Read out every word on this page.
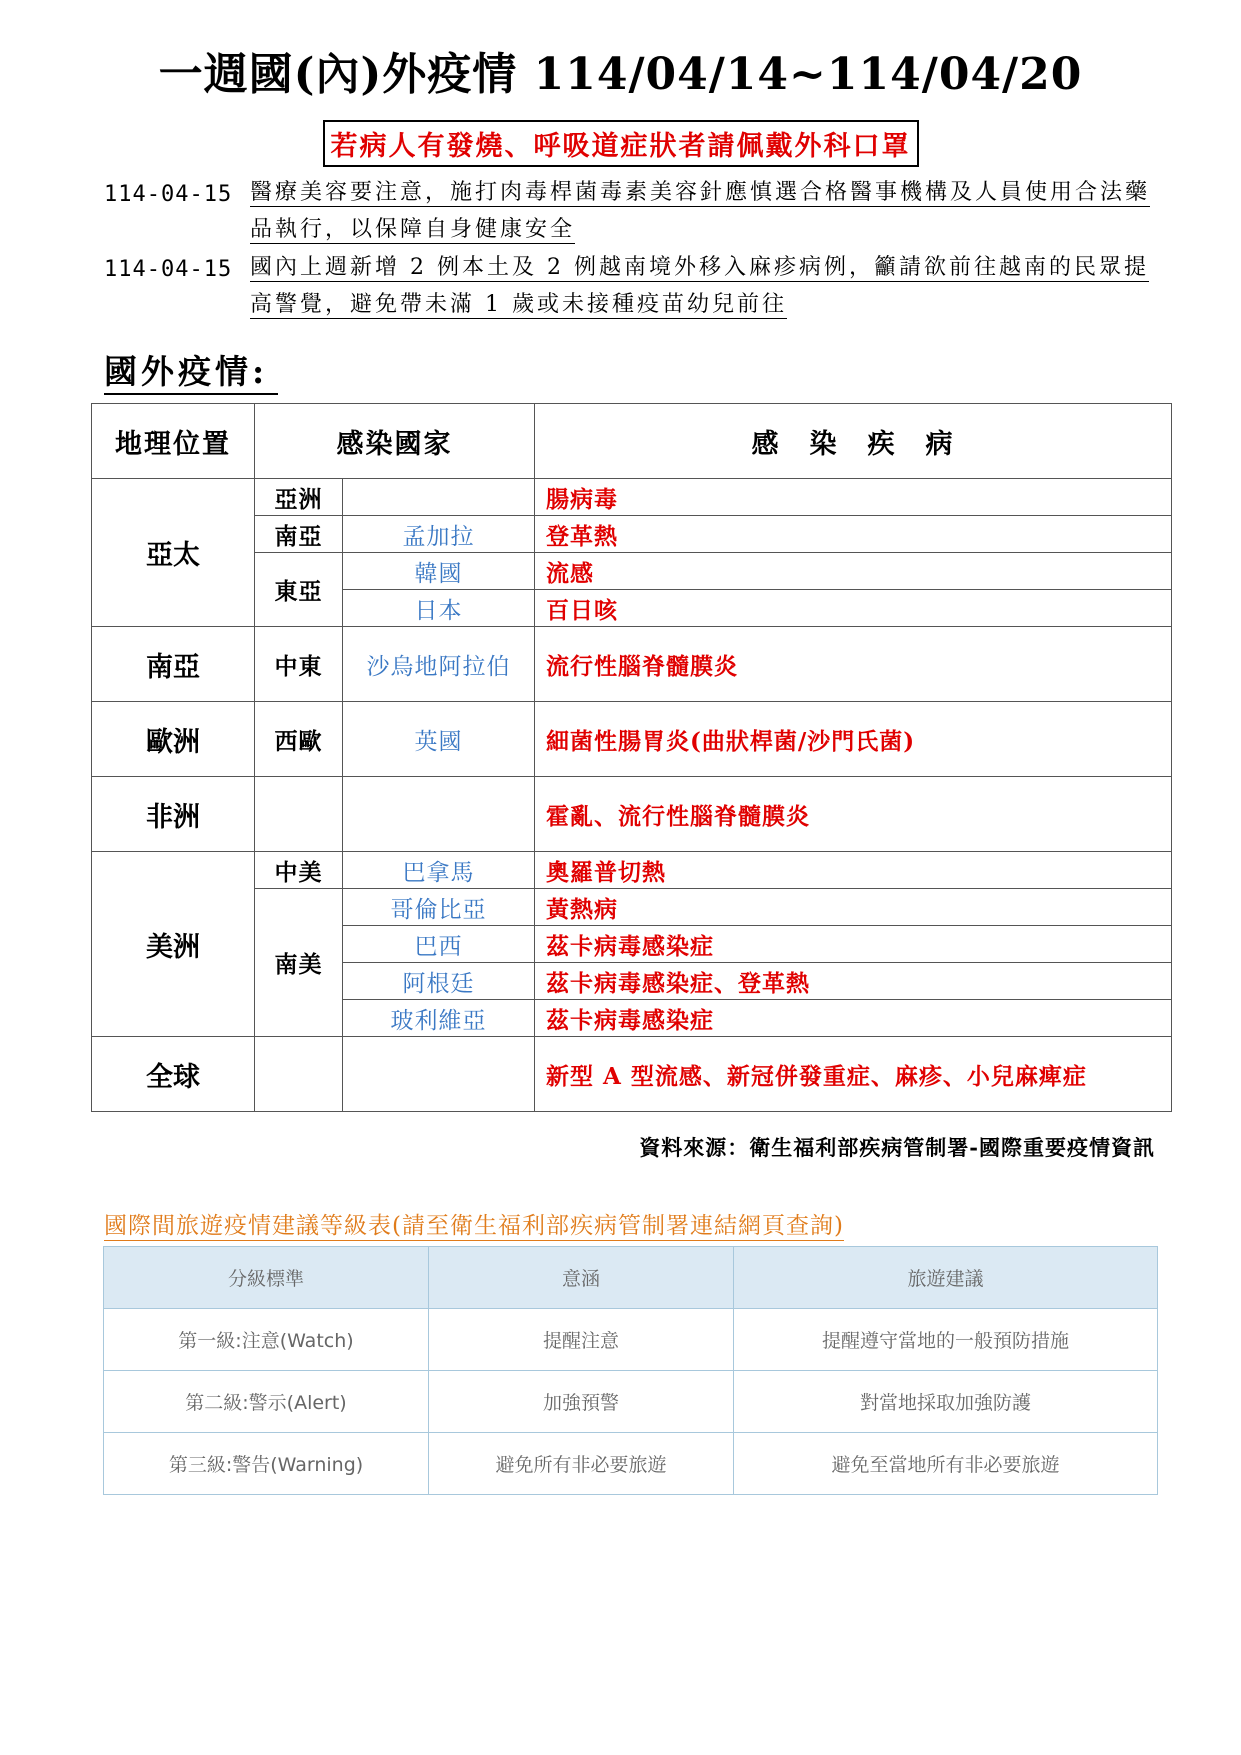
一週國(內)外疫情 114/04/14~114/04/20
若病人有發燒、呼吸道症狀者請佩戴外科口罩
114-04-15 醫療美容要注意，施打肉毒桿菌毒素美容針應慎選合格醫事機構及人員使用合法藥品執行，以保障自身健康安全
114-04-15 國內上週新增 2 例本土及 2 例越南境外移入麻疹病例，籲請欲前往越南的民眾提高警覺，避免帶未滿 1 歲或未接種疫苗幼兒前往
國外疫情:
地理位置	感染國家		感　染　疾　病
亞太	亞洲		腸病毒
	南亞	孟加拉	登革熱
	東亞	韓國	流感
		日本	百日咳
南亞	中東	沙烏地阿拉伯	流行性腦脊髓膜炎
歐洲	西歐	英國	細菌性腸胃炎(曲狀桿菌/沙門氏菌)
非洲			霍亂、流行性腦脊髓膜炎
美洲	中美	巴拿馬	奧羅普切熱
	南美	哥倫比亞	黃熱病
		巴西	茲卡病毒感染症
		阿根廷	茲卡病毒感染症、登革熱
		玻利維亞	茲卡病毒感染症
全球			新型 A 型流感、新冠併發重症、麻疹、小兒麻痺症
資料來源：衛生福利部疾病管制署-國際重要疫情資訊
國際間旅遊疫情建議等級表(請至衛生福利部疾病管制署連結網頁查詢)
分級標準	意涵	旅遊建議
第一級:注意(Watch)	提醒注意	提醒遵守當地的一般預防措施
第二級:警示(Alert)	加強預警	對當地採取加強防護
第三級:警告(Warning)	避免所有非必要旅遊	避免至當地所有非必要旅遊
